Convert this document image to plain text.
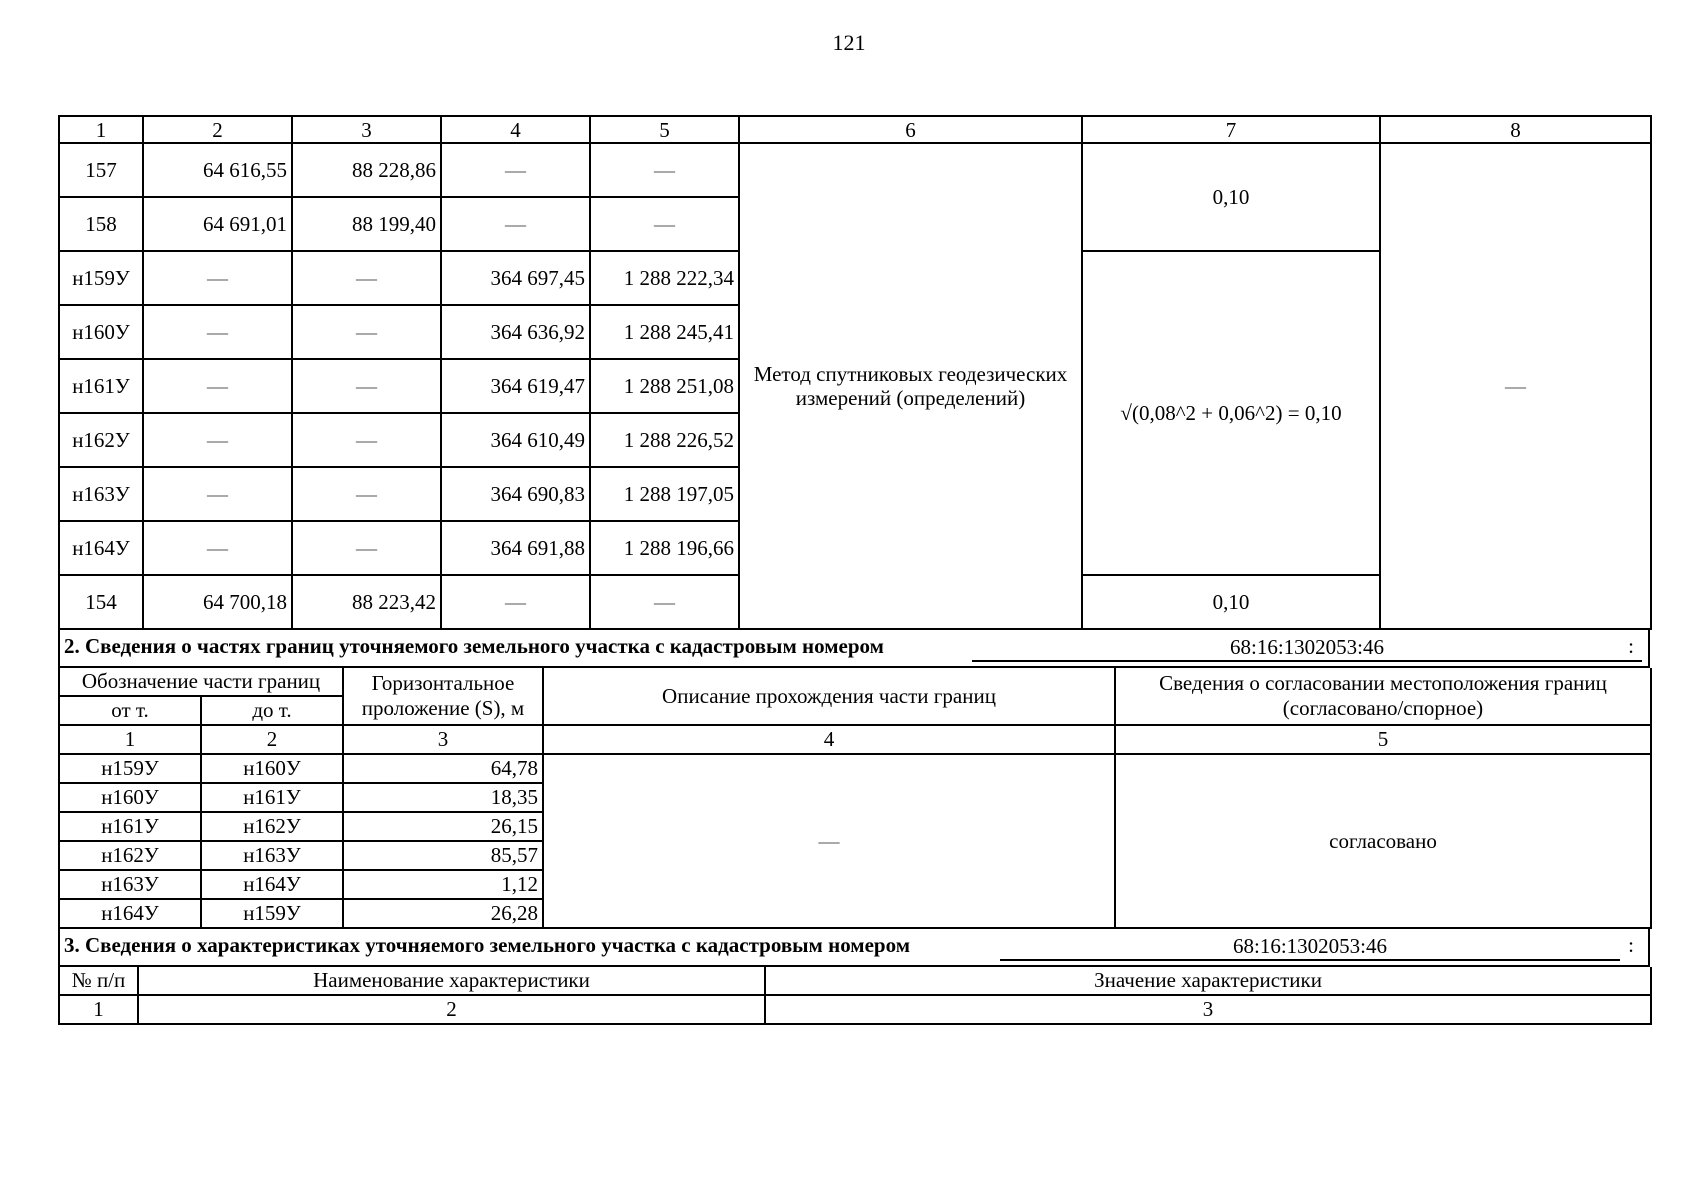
121
1	2	3	4	5	6	7	8
157	64 616,55	88 228,86	—	—	Метод спутниковых геодезических измерений (определений)	0,10	—
158	64 691,01	88 199,40	—	—			
н159У	—	—	364 697,45	1 288 222,34		√(0,08^2 + 0,06^2) = 0,10	
н160У	—	—	364 636,92	1 288 245,41			
н161У	—	—	364 619,47	1 288 251,08			
н162У	—	—	364 610,49	1 288 226,52			
н163У	—	—	364 690,83	1 288 197,05			
н164У	—	—	364 691,88	1 288 196,66			
154	64 700,18	88 223,42	—	—		0,10	
2. Сведения о частях границ уточняемого земельного участка с кадастровым номером	68:16:1302053:46	:
Обозначение части границ		Горизонтальное проложение (S), м	Описание прохождения части границ	Сведения о согласовании местоположения границ (согласовано/спорное)
от т.	до т.			
1	2	3	4	5
н159У	н160У	64,78	—	согласовано
н160У	н161У	18,35		
н161У	н162У	26,15		
н162У	н163У	85,57		
н163У	н164У	1,12		
н164У	н159У	26,28		
3. Сведения о характеристиках уточняемого земельного участка с кадастровым номером	68:16:1302053:46	:
№ п/п	Наименование характеристики	Значение характеристики
1	2	3
